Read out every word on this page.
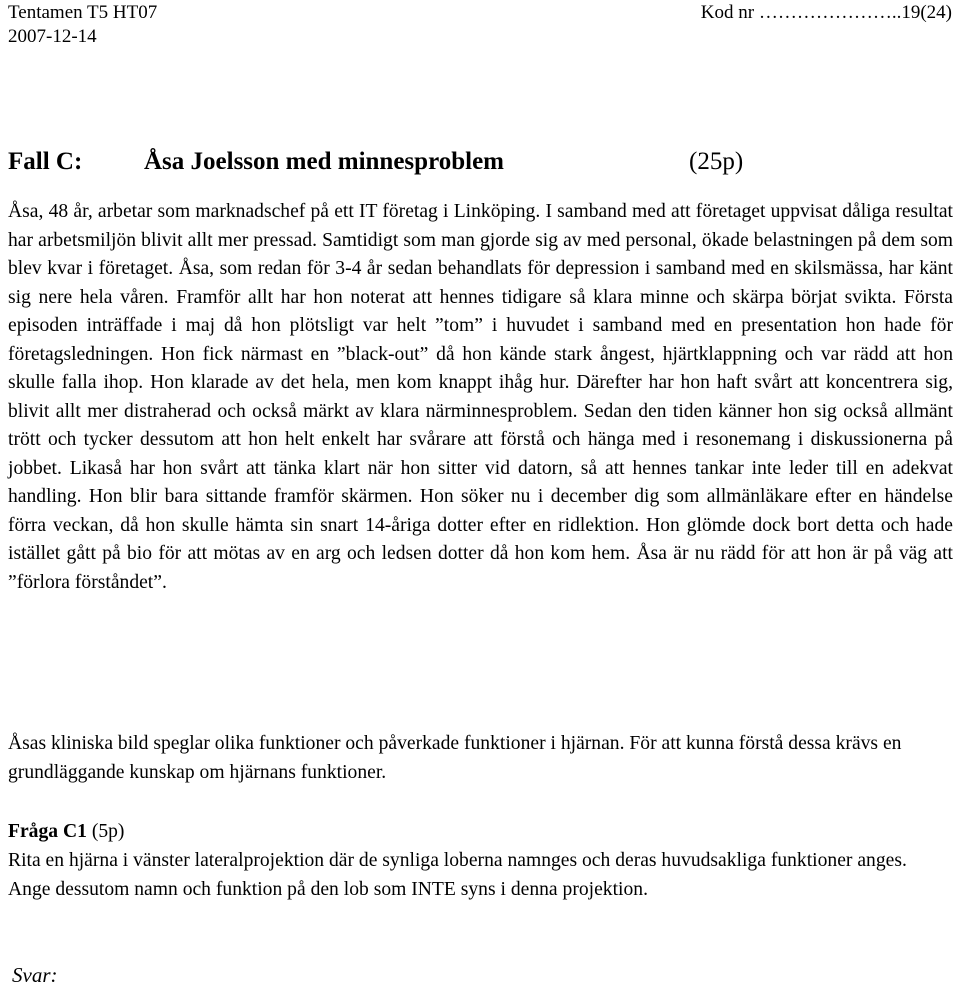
Tentamen T5 HT07
2007-12-14
Kod nr …………………..19(24)
Fall C: Åsa Joelsson med minnesproblem	(25p)

Åsa, 48 år, arbetar som marknadschef på ett IT företag i Linköping. I samband med att företaget uppvisat dåliga resultat har arbetsmiljön blivit allt mer pressad. Samtidigt som man gjorde sig av med personal, ökade belastningen på dem som blev kvar i företaget. Åsa, som redan för 3-4 år sedan behandlats för depression i samband med en skilsmässa, har känt sig nere hela våren. Framför allt har hon noterat att hennes tidigare så klara minne och skärpa börjat svikta. Första episoden inträffade i maj då hon plötsligt var helt ”tom” i huvudet i samband med en presentation hon hade för företagsledningen. Hon fick närmast en ”black-out” då hon kände stark ångest, hjärtklappning och var rädd att hon skulle falla ihop. Hon klarade av det hela, men kom knappt ihåg hur. Därefter har hon haft svårt att koncentrera sig, blivit allt mer distraherad och också märkt av klara närminnesproblem. Sedan den tiden känner hon sig också allmänt trött och tycker dessutom att hon helt enkelt har svårare att förstå och hänga med i resonemang i diskussionerna på jobbet. Likaså har hon svårt att tänka klart när hon sitter vid datorn, så att hennes tankar inte leder till en adekvat handling. Hon blir bara sittande framför skärmen. Hon söker nu i december dig som allmänläkare efter en händelse förra veckan, då hon skulle hämta sin snart 14-åriga dotter efter en ridlektion. Hon glömde dock bort detta och hade istället gått på bio för att mötas av en arg och ledsen dotter då hon kom hem. Åsa är nu rädd för att hon är på väg att ”förlora förståndet”.

Åsas kliniska bild speglar olika funktioner och påverkade funktioner i hjärnan. För att kunna förstå dessa krävs en grundläggande kunskap om hjärnans funktioner.

Fråga C1 (5p)

Rita en hjärna i vänster lateralprojektion där de synliga loberna namnges och deras huvudsakliga funktioner anges. Ange dessutom namn och funktion på den lob som INTE syns i denna projektion.

Svar:
